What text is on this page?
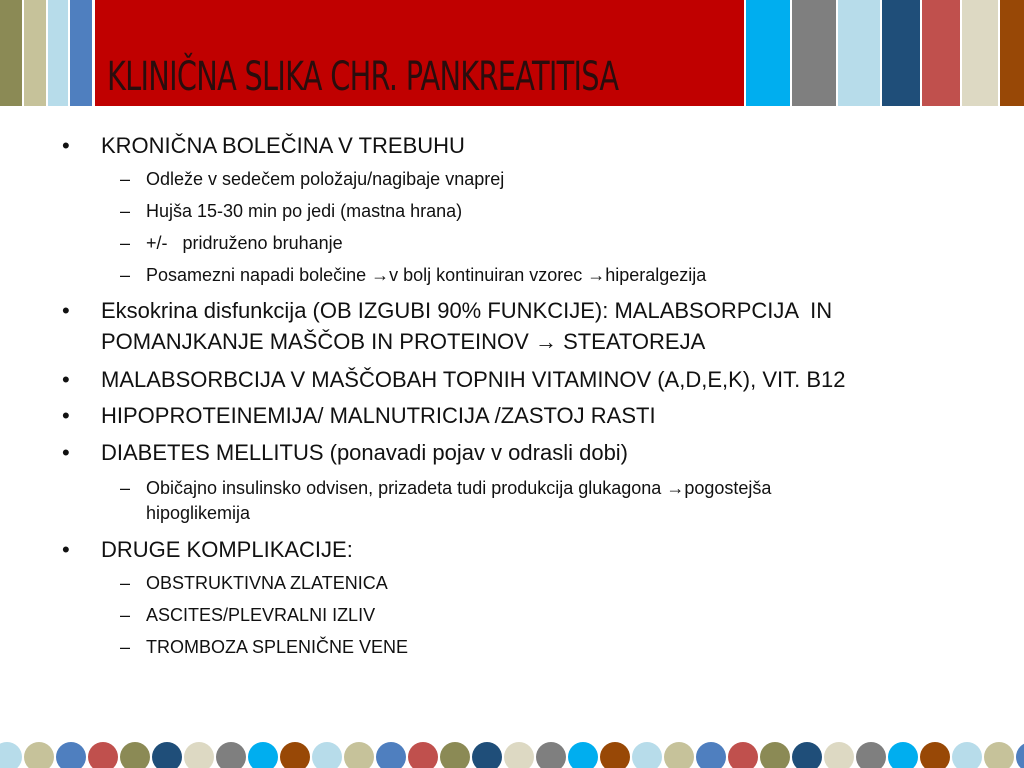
KLINIČNA SLIKA CHR. PANKREATITISA
•	KRONIČNA BOLEČINA V TREBUHU
– Odleže v sedečem položaju/nagibaje vnaprej
– Hujša 15-30 min po jedi (mastna hrana)
– +/-   pridruženo bruhanje
– Posamezni napadi bolečine →v bolj kontinuiran vzorec →hiperalgezija
•	Eksokrina disfunkcija (OB IZGUBI 90% FUNKCIJE): MALABSORPCIJA  IN
POMANJKANJE MAŠČOB IN PROTEINOV → STEATOREJA
•	MALABSORBCIJA V MAŠČOBAH TOPNIH VITAMINOV (A,D,E,K), VIT. B12
•	HIPOPROTEINEMIJA/ MALNUTRICIJA /ZASTOJ RASTI
•	DIABETES MELLITUS (ponavadi pojav v odrasli dobi)
– Običajno insulinsko odvisen, prizadeta tudi produkcija glukagona →pogostejša
hipoglikemija
•	DRUGE KOMPLIKACIJE:
– OBSTRUKTIVNA ZLATENICA
– ASCITES/PLEVRALNI IZLIV
– TROMBOZA SPLENIČNE VENE
